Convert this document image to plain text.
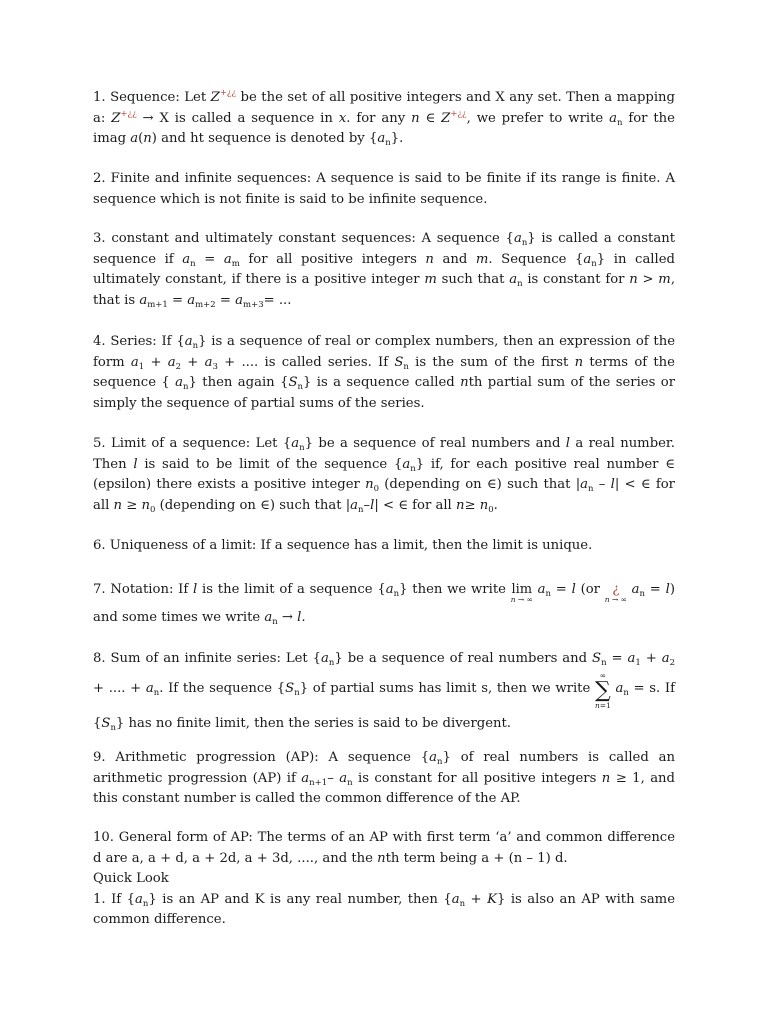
1. Sequence: Let Z+¿¿ be the set of all positive integers and X any set. Then a mapping a: Z+¿¿ → X is called a sequence in x. for any n ∈ Z+¿¿, we prefer to write $a_n$ for the imag a(n) and ht sequence is denoted by $\{a_n\}$.
2. Finite and infinite sequences: A sequence is said to be finite if its range is finite. A sequence which is not finite is said to be infinite sequence.
3. constant and ultimately constant sequences: A sequence $\{a_n\}$ is called a constant sequence if $a_n = a_m$ for all positive integers n and m. Sequence $\{a_n\}$ in called ultimately constant, if there is a positive integer m such that $a_n$ is constant for n > m, that is $a_{m+1} = a_{m+2} = a_{m+3}=$ ...
4. Series: If $\{a_n\}$ is a sequence of real or complex numbers, then an expression of the form $a_1 + a_2 + a_3$ + .... is called series. If $S_n$ is the sum of the first n terms of the sequence { $a_n$} then again $\{S_n\}$ is a sequence called nth partial sum of the series or simply the sequence of partial sums of the series.
5. Limit of a sequence: Let $\{a_n\}$ be a sequence of real numbers and l a real number. Then l is said to be limit of the sequence $\{a_n\}$ if, for each positive real number ∈ (epsilon) there exists a positive integer $n_0$ (depending on ∈) such that $|a_n - l|$ < ∈ for all $n \ge n_0$ (depending on ∈) such that $|a_n-l|$ < ∈ for all $n\ge n_0$.
6. Uniqueness of a limit: If a sequence has a limit, then the limit is unique.
7. Notation: If l is the limit of a sequence $\{a_n\}$ then we write lim
n → ∞
$a_n = l$ (or ¿
n → ∞
$a_n = l$) and some times we write $a_n \to l$.
8. Sum of an infinite series: Let $\{a_n\}$ be a sequence of real numbers and $S_n = a_1 + a_2$ + .... + $a_n$. If the sequence $\{S_n\}$ of partial sums has limit s, then we write
∞
∑
n=1
$a_n = s$. If $\{S_n\}$ has no finite limit, then the series is said to be divergent.
9. Arithmetic progression (AP): A sequence $\{a_n\}$ of real numbers is called an arithmetic progression (AP) if $a_{n+1}-$ $a_n$ is constant for all positive integers n ≥ 1, and this constant number is called the common difference of the AP.
10. General form of AP: The terms of an AP with first term ‘a’ and common difference d are a, a + d, a + 2d, a + 3d, ...., and the nth term being a + (n – 1) d.
Quick Look
1. If $\{a_n\}$ is an AP and K is any real number, then $\{a_n + K\}$ is also an AP with same common difference.
